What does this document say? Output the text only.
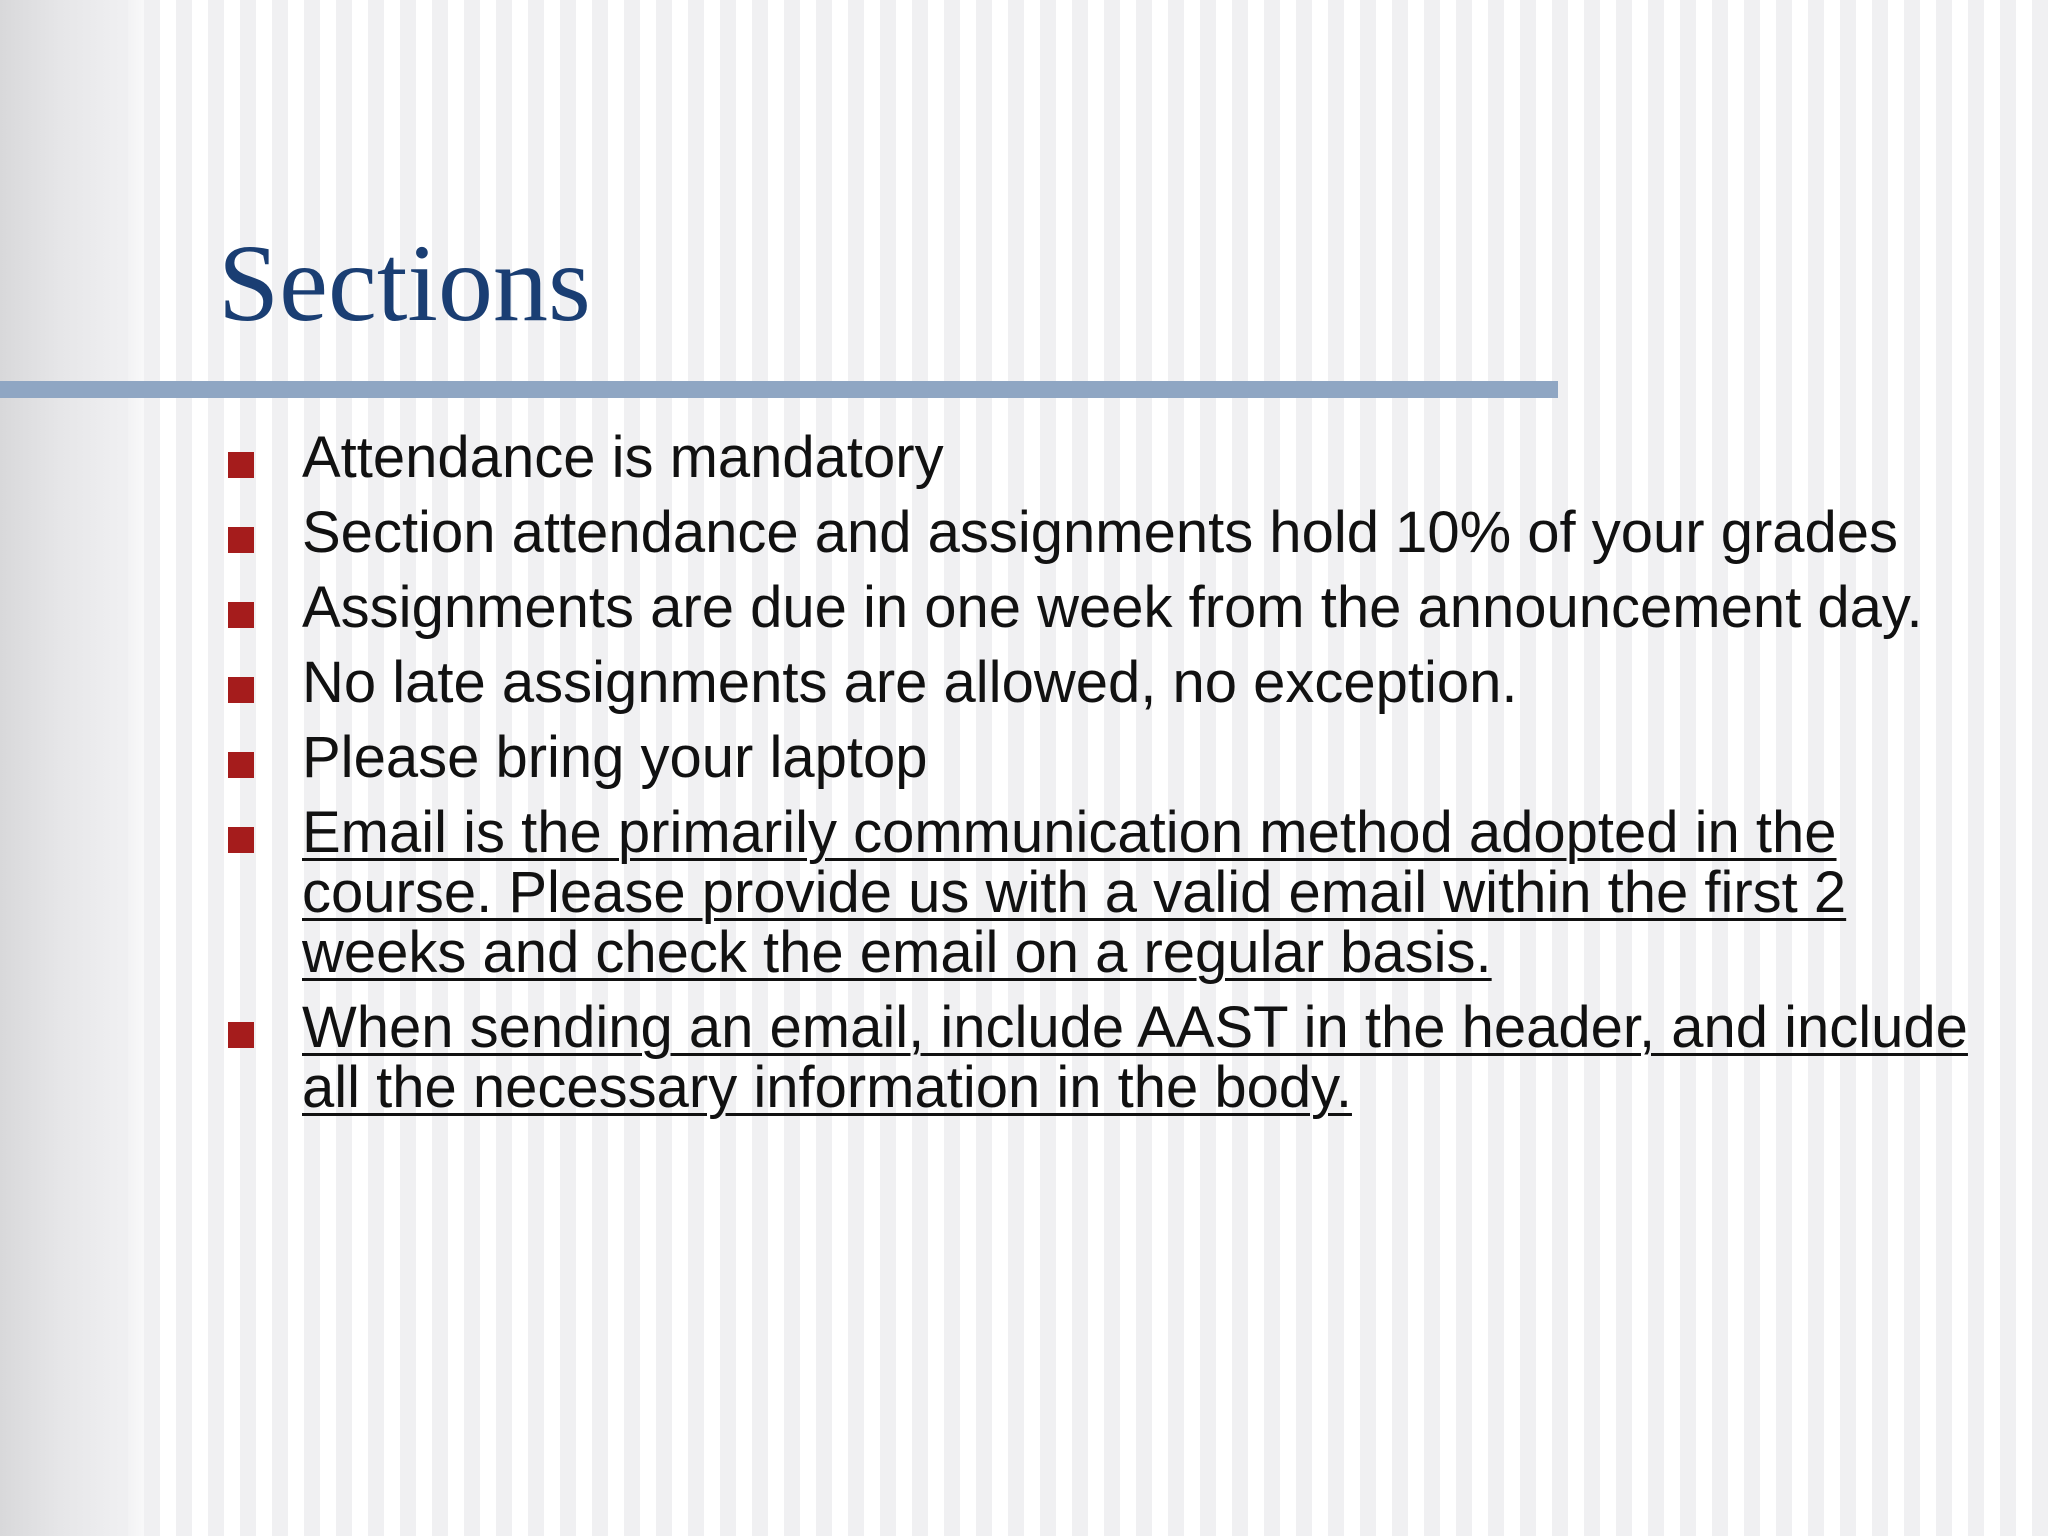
Sections
Attendance is mandatory
Section attendance and assignments hold 10% of your grades
Assignments are due in one week from the announcement day.
No late assignments are allowed, no exception.
Please bring your laptop
Email is the primarily communication method adopted in the course. Please provide us with a valid email within the first 2 weeks and check the email on a regular basis.
When sending an email, include AAST in the header, and include all the necessary information in the body.
